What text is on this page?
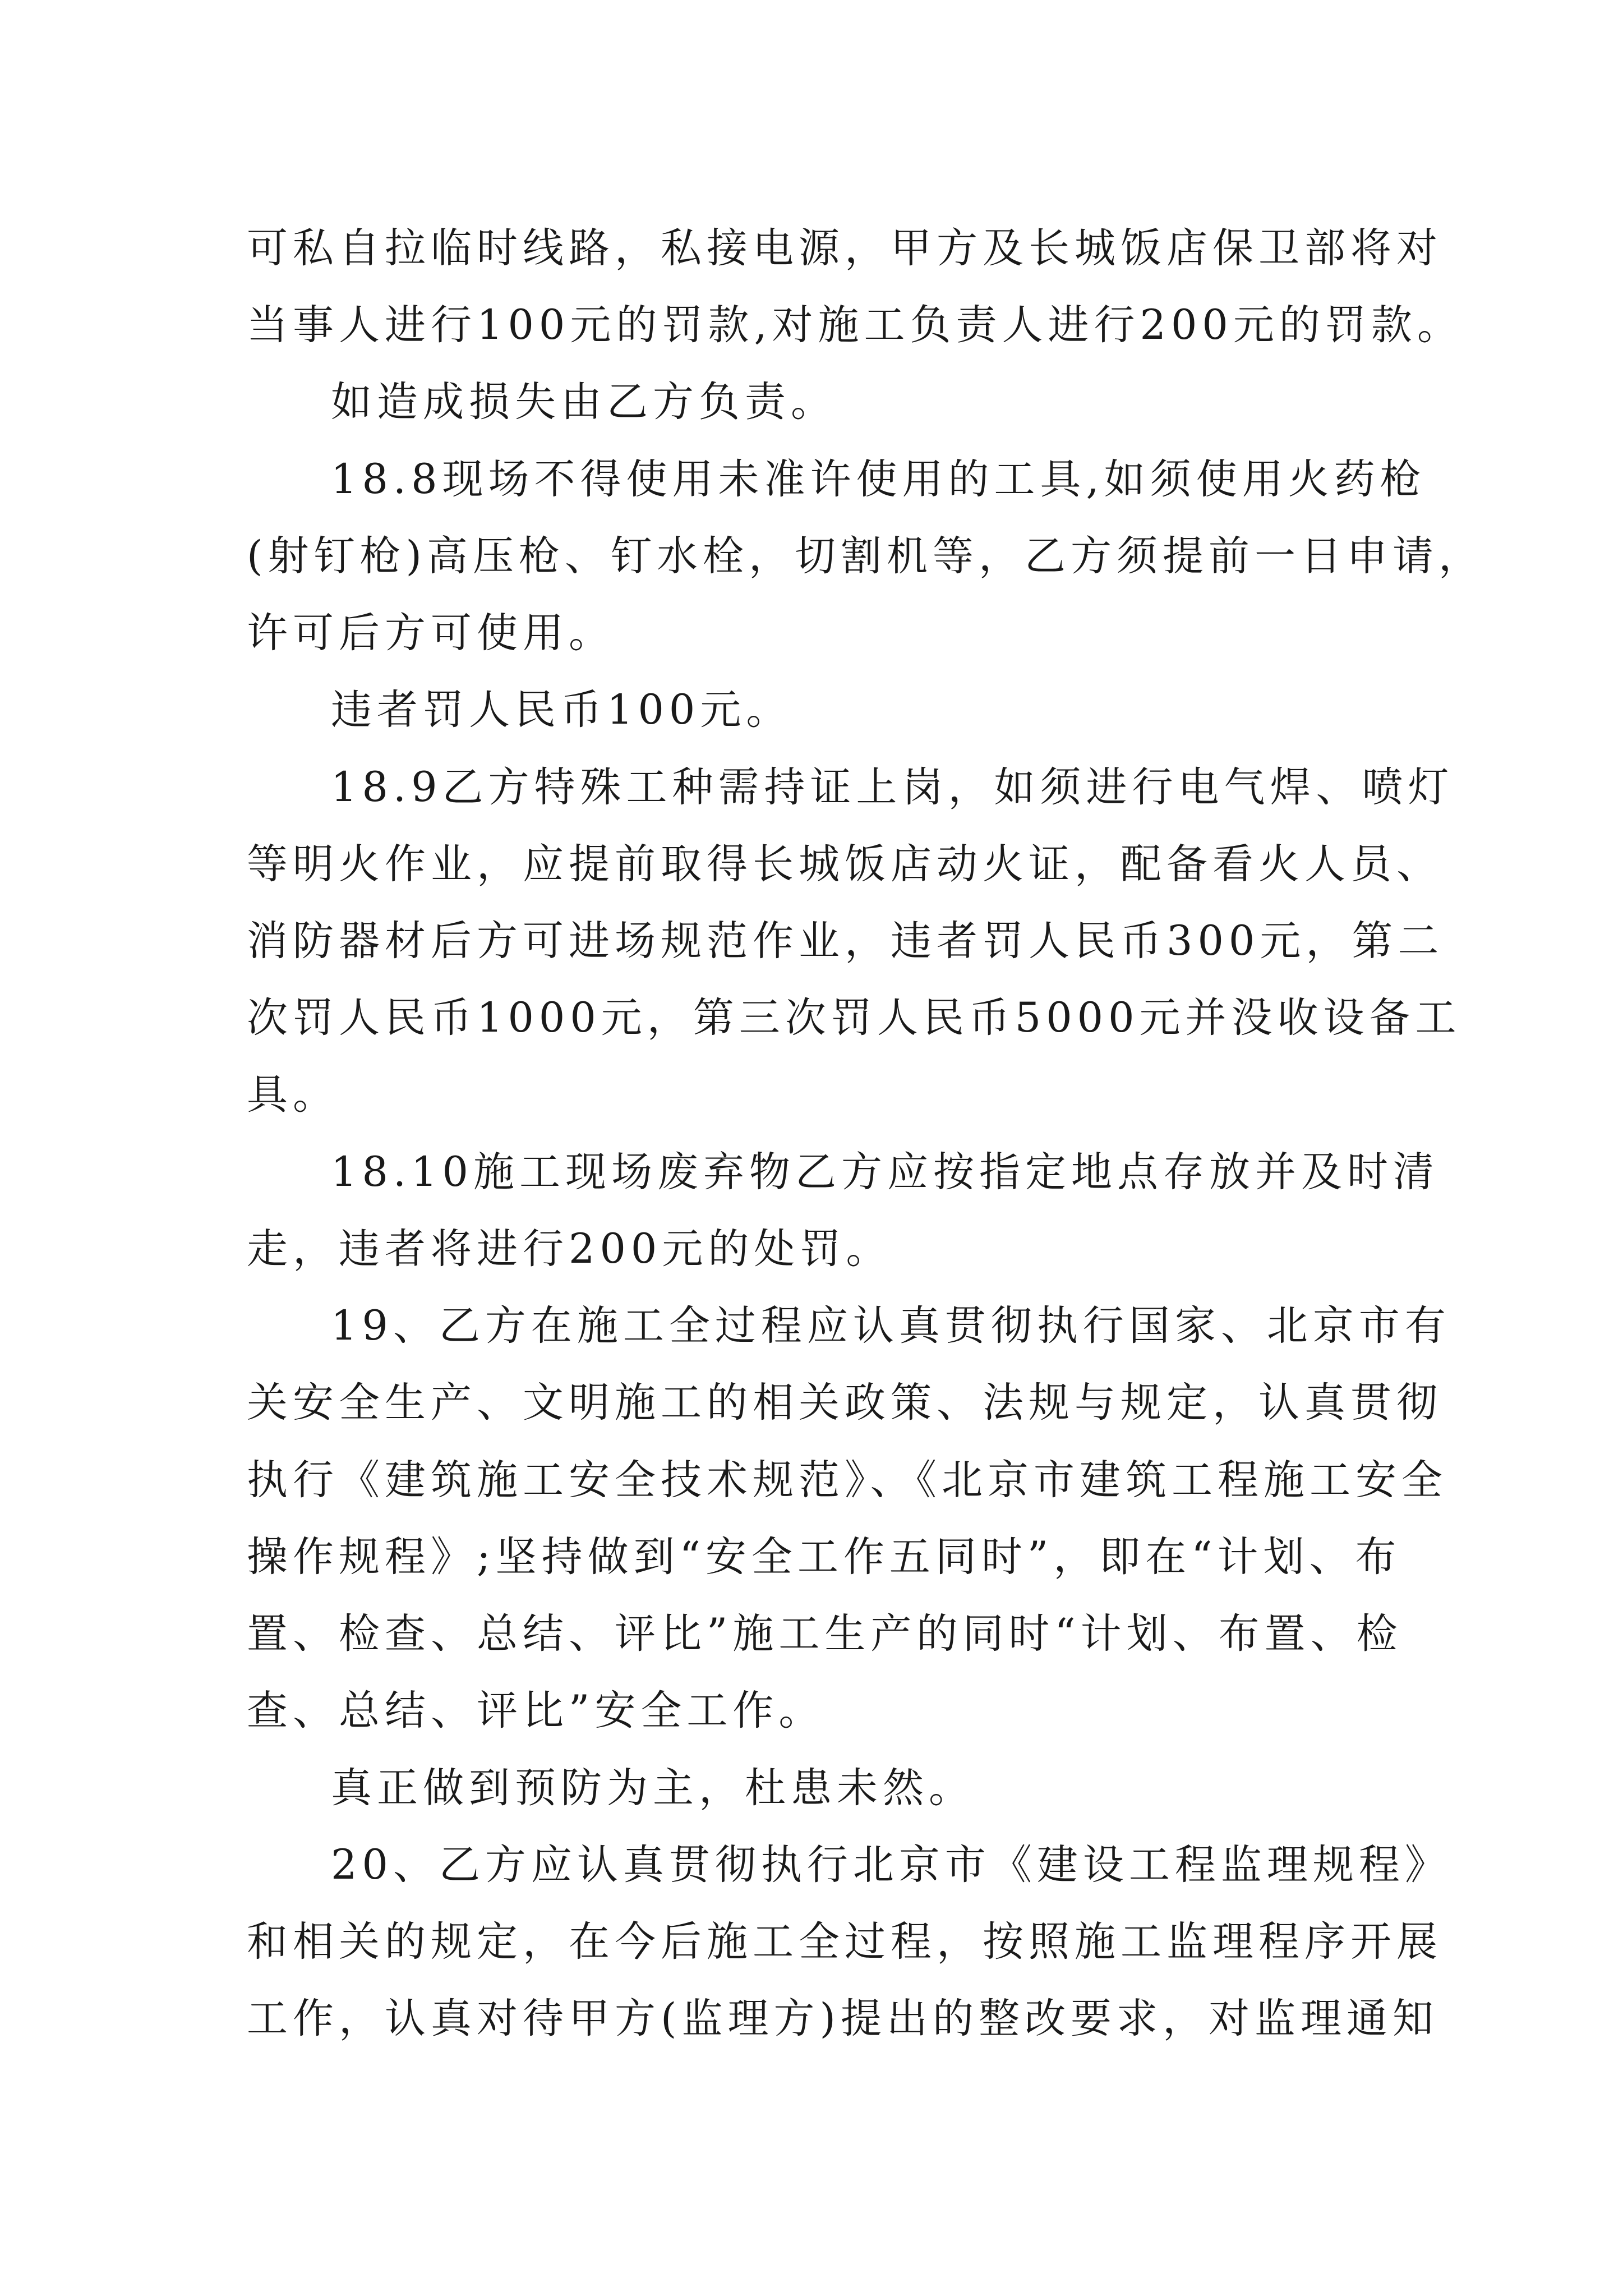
可私自拉临时线路，私接电源，甲方及长城饭店保卫部将对
当事人进行100元的罚款,对施工负责人进行200元的罚款。
如造成损失由乙方负责。
18.8现场不得使用未准许使用的工具,如须使用火药枪
(射钉枪)高压枪、钉水栓，切割机等，乙方须提前一日申请，
许可后方可使用。
违者罚人民币100元。
18.9乙方特殊工种需持证上岗，如须进行电气焊、喷灯
等明火作业，应提前取得长城饭店动火证，配备看火人员、
消防器材后方可进场规范作业，违者罚人民币300元，第二
次罚人民币1000元，第三次罚人民币5000元并没收设备工
具。
18.10施工现场废弃物乙方应按指定地点存放并及时清
走，违者将进行200元的处罚。
19、乙方在施工全过程应认真贯彻执行国家、北京市有
关安全生产、文明施工的相关政策、法规与规定，认真贯彻
执行《建筑施工安全技术规范》、《北京市建筑工程施工安全
操作规程》;坚持做到“安全工作五同时”，即在“计划、布
置、检查、总结、评比”施工生产的同时“计划、布置、检
查、总结、评比”安全工作。
真正做到预防为主，杜患未然。
20、乙方应认真贯彻执行北京市《建设工程监理规程》
和相关的规定，在今后施工全过程，按照施工监理程序开展
工作，认真对待甲方(监理方)提出的整改要求，对监理通知
